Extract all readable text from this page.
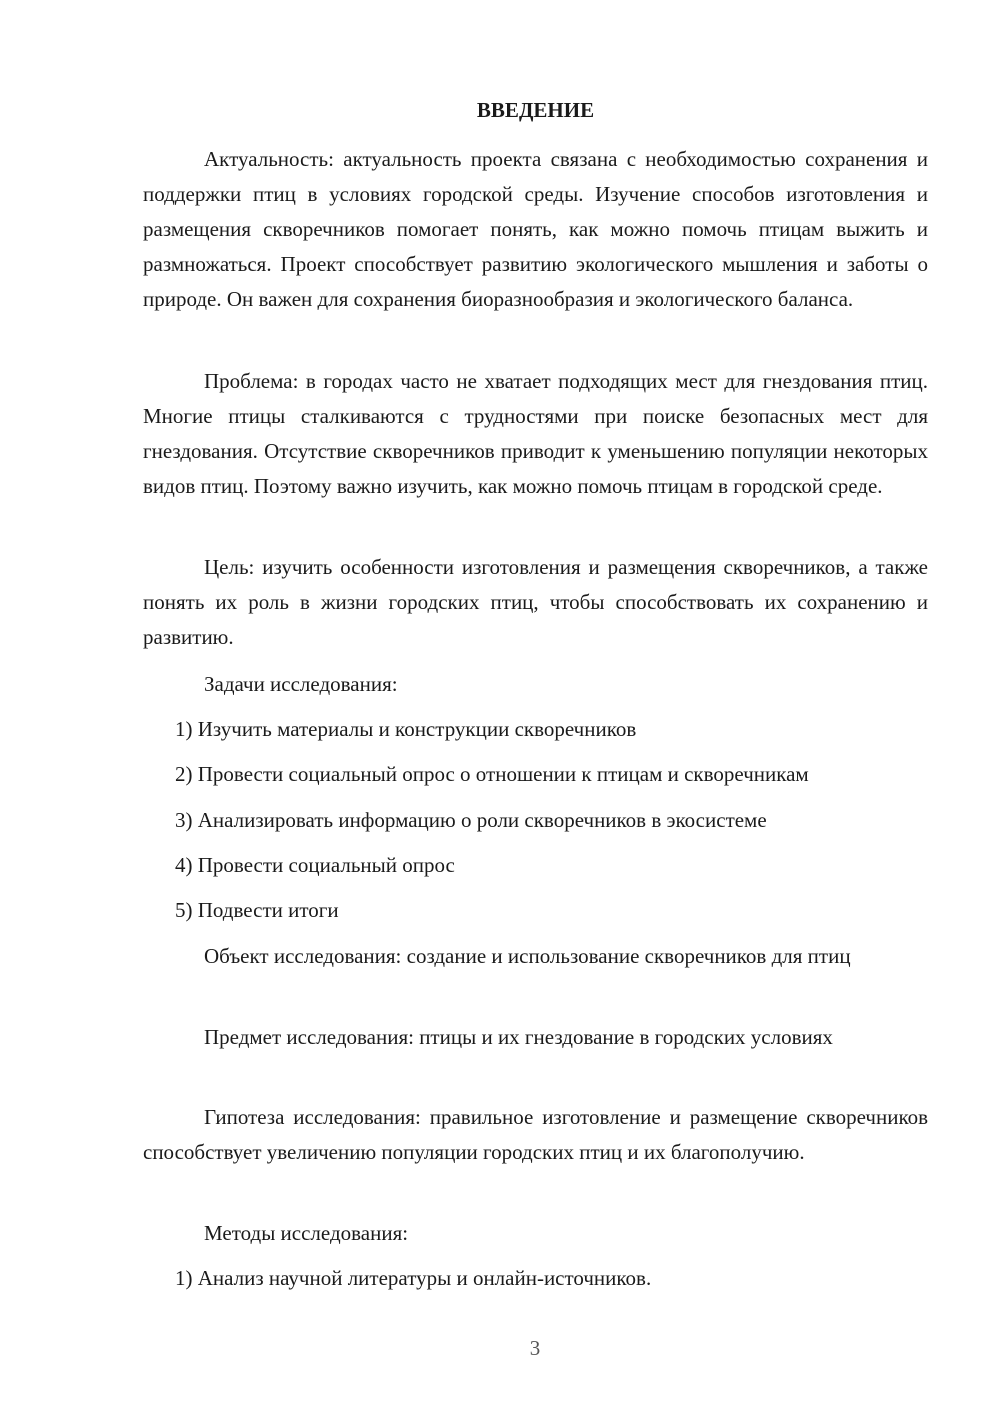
ВВЕДЕНИЕ

Актуальность: актуальность проекта связана с необходимостью сохранения и поддержки птиц в условиях городской среды. Изучение способов изготовления и размещения скворечников помогает понять, как можно помочь птицам выжить и размножаться. Проект способствует развитию экологического мышления и заботы о природе. Он важен для сохранения биоразнообразия и экологического баланса.

Проблема: в городах часто не хватает подходящих мест для гнездования птиц. Многие птицы сталкиваются с трудностями при поиске безопасных мест для гнездования. Отсутствие скворечников приводит к уменьшению популяции некоторых видов птиц. Поэтому важно изучить, как можно помочь птицам в городской среде.

Цель: изучить особенности изготовления и размещения скворечников, а также понять их роль в жизни городских птиц, чтобы способствовать их сохранению и развитию.

Задачи исследования:

1) Изучить материалы и конструкции скворечников

2) Провести социальный опрос о отношении к птицам и скворечникам

3) Анализировать информацию о роли скворечников в экосистеме

4) Провести социальный опрос

5) Подвести итоги

Объект исследования: создание и использование скворечников для птиц

Предмет исследования: птицы и их гнездование в городских условиях

Гипотеза исследования: правильное изготовление и размещение скворечников способствует увеличению популяции городских птиц и их благополучию.

Методы исследования:

1) Анализ научной литературы и онлайн-источников.

3
